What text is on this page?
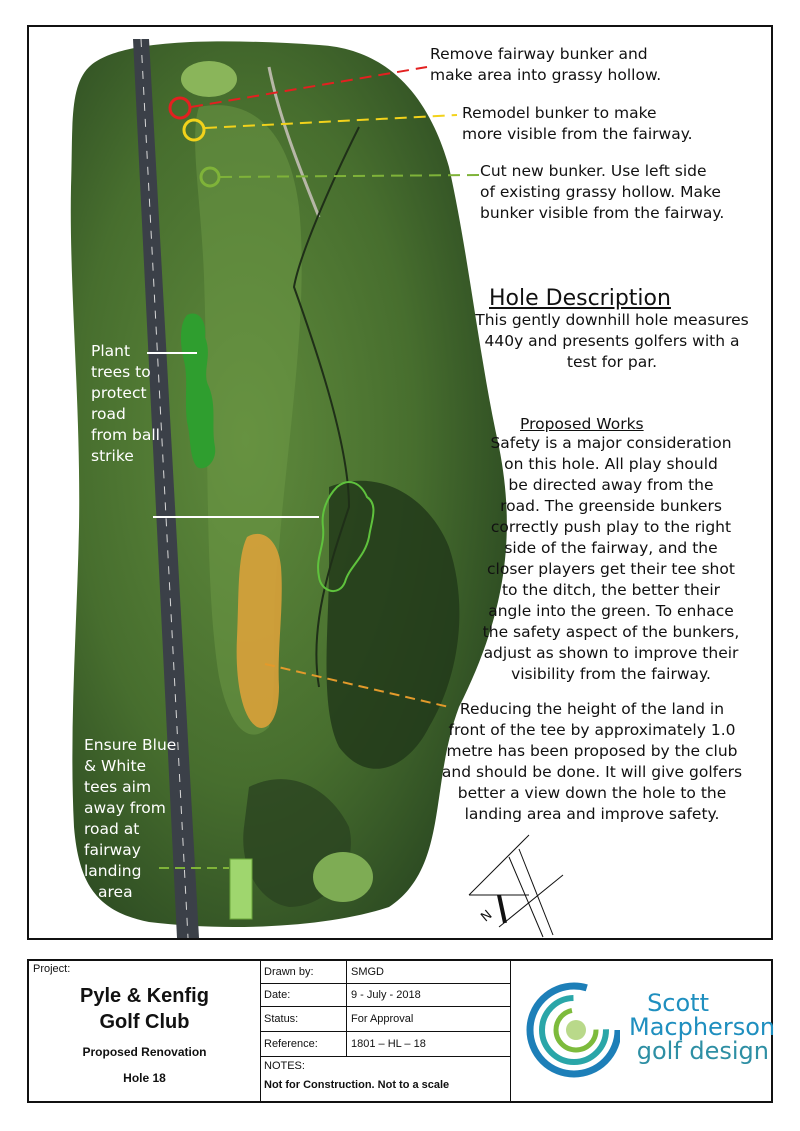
Remove fairway bunker and
make area into grassy hollow.
Remodel bunker to make
more visible from the fairway.
Cut new bunker. Use left side
of existing grassy hollow. Make
bunker visible from the fairway.
Plant
trees to
protect
road
from ball
strike
Ensure Blue
& White
tees aim
away from
road at
fairway
landing
area
Hole Description
This gently downhill hole measures
440y and presents golfers with a
test for par.
Proposed Works
Safety is a major consideration
on this hole. All play should
be directed away from the
road. The greenside bunkers
correctly push play to the right
side of the fairway, and the
closer players get their tee shot
to the ditch, the better their
angle into the green. To enhace
the safety aspect of the bunkers,
adjust as shown to improve their
visibility from the fairway.
Reducing the height of the land in
front of the tee by approximately 1.0
metre has been proposed by the club
and should be done. It will give golfers
better a view down the hole to the
landing area and improve safety.
N
Project:
Pyle & Kenfig
Golf Club
Proposed Renovation
Hole 18
Drawn by:	SMGD
Date:	9 - July - 2018
Status:	For Approval
Reference:	1801 – HL – 18
NOTES:
Not for Construction. Not to a scale
Scott
Macpherson
golf design
